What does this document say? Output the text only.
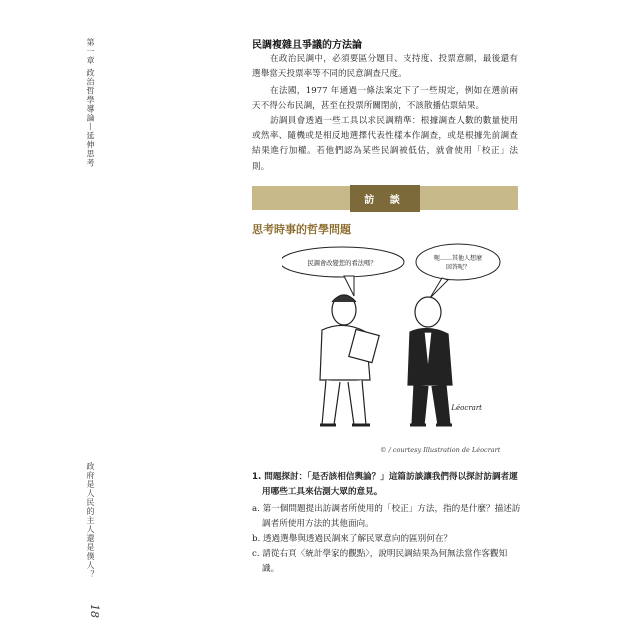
第一章 政治哲學導論—延伸思考
政府是人民的主人還是僕人？
18
民調複雜且爭議的方法論

在政治民調中，必須要區分題目、支持度、投票意願，最後還有選舉當天投票率等不同的民意調查尺度。

在法國，1977 年通過一條法案定下了一些規定，例如在選前兩天不得公布民調，甚至在投票所關閉前，不該散播估票結果。

訪調員會透過一些工具以求民調精準：根據調查人數的數量使用或然率、隨機或是相反地選擇代表性樣本作調查，或是根據先前調查結果進行加權。若他們認為某些民調被低估，就會使用「校正」法則。

訪 談
思考時事的哲學問題
民調會改變您的看法嗎？
呃……其他人想麼回答呢？
Léocrart
© / courtesy Illustration de Léocrart

1. 問題探討：「是否該相信輿論？」這篇訪談讓我們得以探討訪調者運用哪些工具來估測大眾的意見。

a. 第一個問題提出訪調者所使用的「校正」方法，指的是什麼？描述訪調者所使用方法的其他面向。

b. 透過選舉與透過民調來了解民眾意向的區別何在？

c. 請從右頁〈統計學家的觀點〉，說明民調結果為何無法當作客觀知識。
